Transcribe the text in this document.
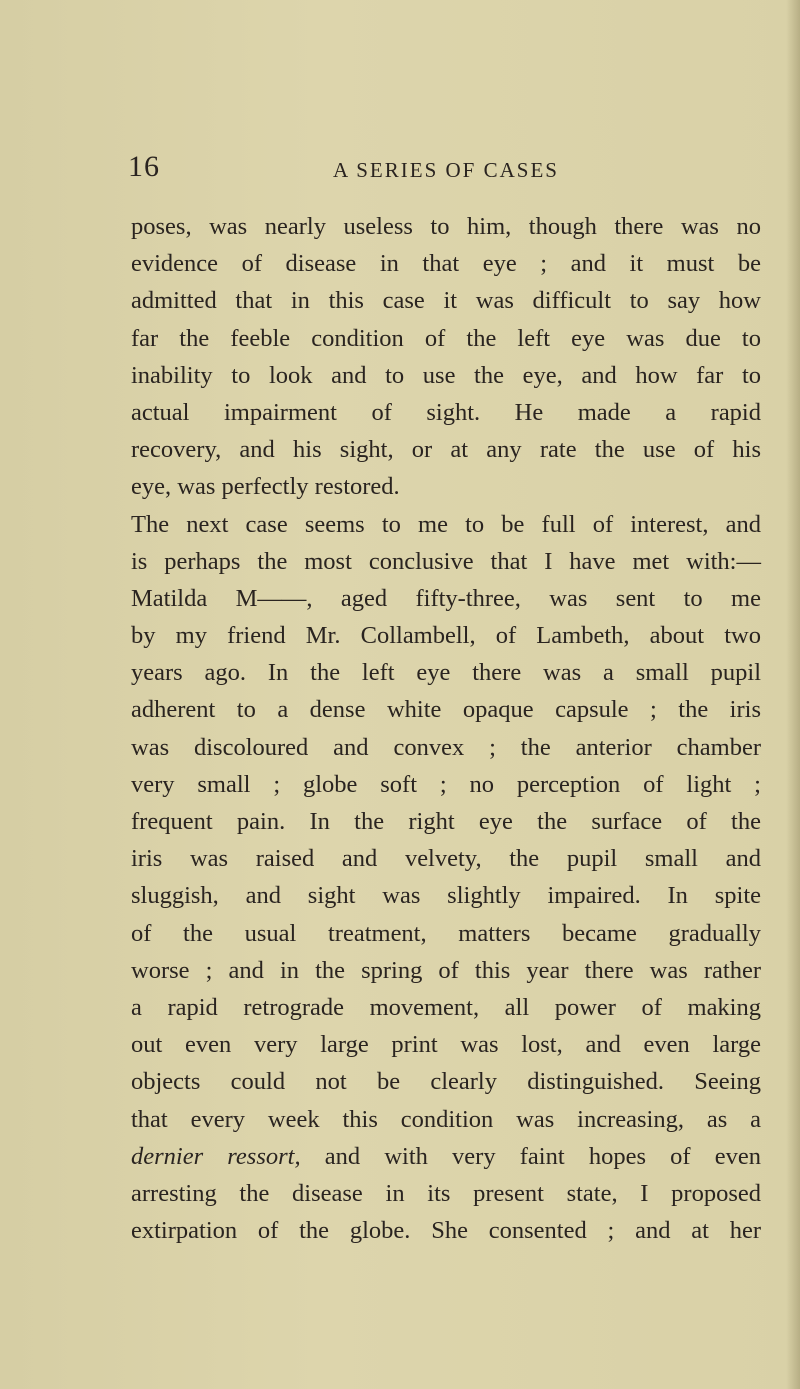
16	A SERIES OF CASES
poses, was nearly useless to him, though there was no
evidence of disease in that eye ; and it must be
admitted that in this case it was difficult to say how
far the feeble condition of the left eye was due to
inability to look and to use the eye, and how far to
actual impairment of sight. He made a rapid
recovery, and his sight, or at any rate the use of his
eye, was perfectly restored.
The next case seems to me to be full of interest, and
is perhaps the most conclusive that I have met with:—
Matilda M——, aged fifty-three, was sent to me
by my friend Mr. Collambell, of Lambeth, about two
years ago. In the left eye there was a small pupil
adherent to a dense white opaque capsule ; the iris
was discoloured and convex ; the anterior chamber
very small ; globe soft ; no perception of light ;
frequent pain. In the right eye the surface of the
iris was raised and velvety, the pupil small and
sluggish, and sight was slightly impaired. In spite
of the usual treatment, matters became gradually
worse ; and in the spring of this year there was rather
a rapid retrograde movement, all power of making
out even very large print was lost, and even large
objects could not be clearly distinguished. Seeing
that every week this condition was increasing, as a
dernier ressort, and with very faint hopes of even
arresting the disease in its present state, I proposed
extirpation of the globe. She consented ; and at her
